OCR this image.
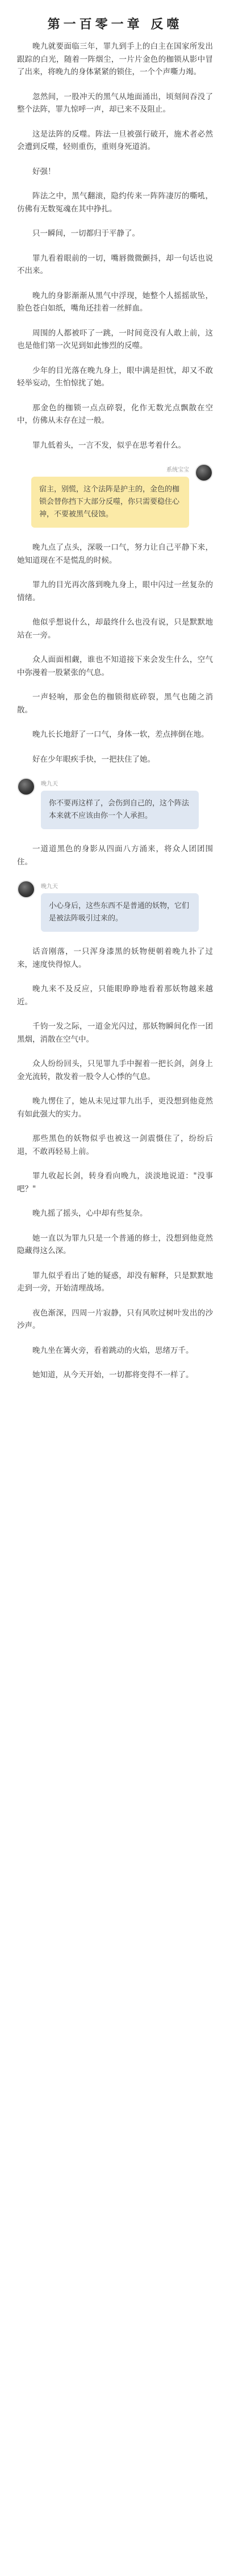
第一百零一章 反噬

晚九就要面临三年，罪九到手上的白主在国家所发出跟踪的白光，随着一阵烟尘，一片片金色的枷锁从影中冒了出来，将晚九的身体紧紧的锁住，一个个声嘶力竭。

忽然间，一股冲天的黑气从地面涌出，顷刻间吞没了整个法阵，罪九惊呼一声，却已来不及阻止。

这是法阵的反噬。阵法一旦被强行破开，施术者必然会遭到反噬，轻则重伤，重则身死道消。

好强！

阵法之中，黑气翻滚，隐约传来一阵阵凄厉的嘶吼，仿佛有无数冤魂在其中挣扎。

只一瞬间，一切都归于平静了。

罪九看着眼前的一切，嘴唇微微颤抖，却一句话也说不出来。

晚九的身影渐渐从黑气中浮现，她整个人摇摇欲坠，脸色苍白如纸，嘴角还挂着一丝鲜血。

周围的人都被吓了一跳，一时间竟没有人敢上前，这也是他们第一次见到如此惨烈的反噬。

少年的目光落在晚九身上，眼中满是担忧，却又不敢轻举妄动，生怕惊扰了她。

那金色的枷锁一点点碎裂，化作无数光点飘散在空中，仿佛从未存在过一般。

罪九低着头，一言不发，似乎在思考着什么。

系统宝宝
宿主，别慌，这个法阵是护主的，金色的枷锁会替你挡下大部分反噬，你只需要稳住心神，不要被黑气侵蚀。

晚九点了点头，深吸一口气，努力让自己平静下来，她知道现在不是慌乱的时候。

罪九的目光再次落到晚九身上，眼中闪过一丝复杂的情绪。

他似乎想说什么，却最终什么也没有说，只是默默地站在一旁。

众人面面相觑，谁也不知道接下来会发生什么，空气中弥漫着一股紧张的气息。

一声轻响，那金色的枷锁彻底碎裂，黑气也随之消散。

晚九长长地舒了一口气，身体一软，差点摔倒在地。

好在少年眼疾手快，一把扶住了她。

晚九天
你不要再这样了，会伤到自己的，这个阵法本来就不应该由你一个人承担。

一道道黑色的身影从四面八方涌来，将众人团团围住。

晚九天
小心身后，这些东西不是普通的妖物，它们是被法阵吸引过来的。

话音刚落，一只浑身漆黑的妖物便朝着晚九扑了过来，速度快得惊人。

晚九来不及反应，只能眼睁睁地看着那妖物越来越近。

千钧一发之际，一道金光闪过，那妖物瞬间化作一团黑烟，消散在空气中。

众人纷纷回头，只见罪九手中握着一把长剑，剑身上金光流转，散发着一股令人心悸的气息。

晚九愣住了，她从未见过罪九出手，更没想到他竟然有如此强大的实力。

那些黑色的妖物似乎也被这一剑震慑住了，纷纷后退，不敢再轻易上前。

罪九收起长剑，转身看向晚九，淡淡地说道："没事吧？"

晚九摇了摇头，心中却有些复杂。

她一直以为罪九只是一个普通的修士，没想到他竟然隐藏得这么深。

罪九似乎看出了她的疑惑，却没有解释，只是默默地走到一旁，开始清理战场。

夜色渐深，四周一片寂静，只有风吹过树叶发出的沙沙声。

晚九坐在篝火旁，看着跳动的火焰，思绪万千。

她知道，从今天开始，一切都将变得不一样了。
